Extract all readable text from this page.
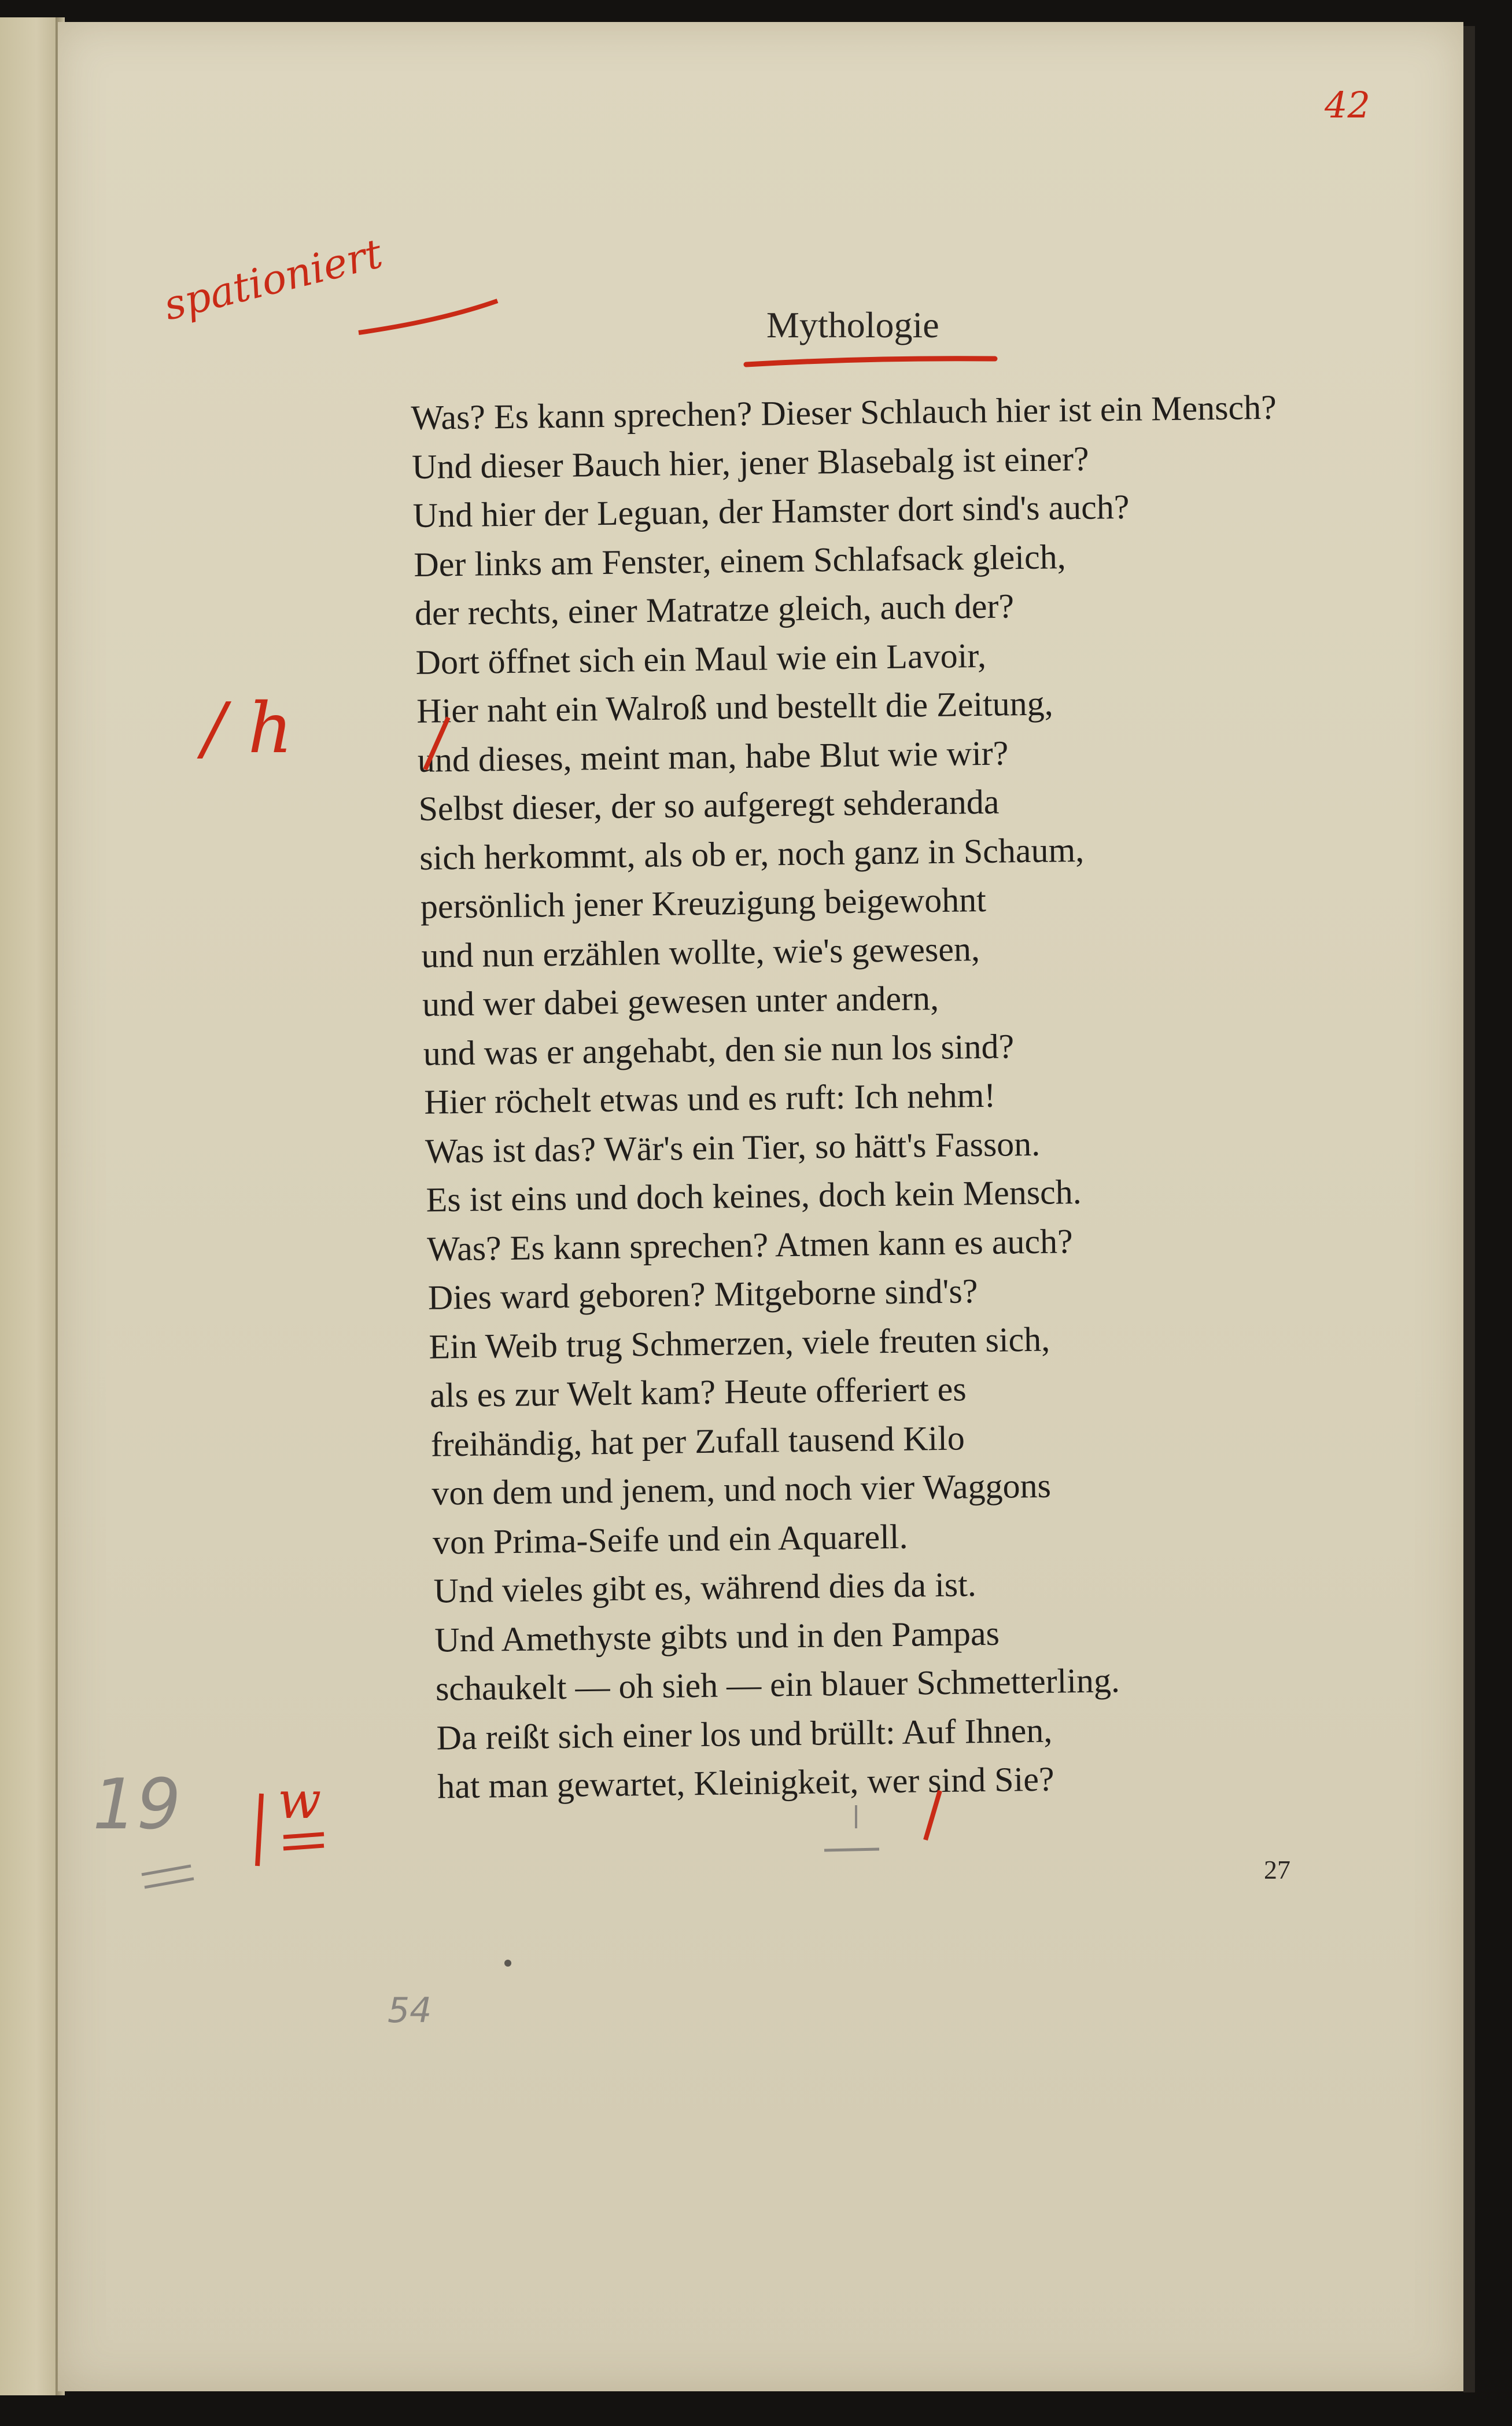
42
spationiert	Mythologie
Was? Es kann sprechen? Dieser Schlauch hier ist ein Mensch?
Und dieser Bauch hier, jener Blasebalg ist einer?
Und hier der Leguan, der Hamster dort sind's auch?
Der links am Fenster, einem Schlafsack gleich,
der rechts, einer Matratze gleich, auch der?
Dort öffnet sich ein Maul wie ein Lavoir,
Hier naht ein Walroß und bestellt die Zeitung,
und dieses, meint man, habe Blut wie wir?
Selbst dieser, der so aufgeregt sehderanda
sich herkommt, als ob er, noch ganz in Schaum,
persönlich jener Kreuzigung beigewohnt
und nun erzählen wollte, wie's gewesen,
und wer dabei gewesen unter andern,
und was er angehabt, den sie nun los sind?
Hier röchelt etwas und es ruft: Ich nehm!
Was ist das? Wär's ein Tier, so hätt's Fasson.
Es ist eins und doch keines, doch kein Mensch.
Was? Es kann sprechen? Atmen kann es auch?
Dies ward geboren? Mitgeborne sind's?
Ein Weib trug Schmerzen, viele freuten sich,
als es zur Welt kam? Heute offeriert es
freihändig, hat per Zufall tausend Kilo
von dem und jenem, und noch vier Waggons
von Prima-Seife und ein Aquarell.
Und vieles gibt es, während dies da ist.
Und Amethyste gibts und in den Pampas
schaukelt — oh sieh — ein blauer Schmetterling.
Da reißt sich einer los und brüllt: Auf Ihnen,
hat man gewartet, Kleinigkeit, wer sind Sie?
/ h
19 w
27
54
